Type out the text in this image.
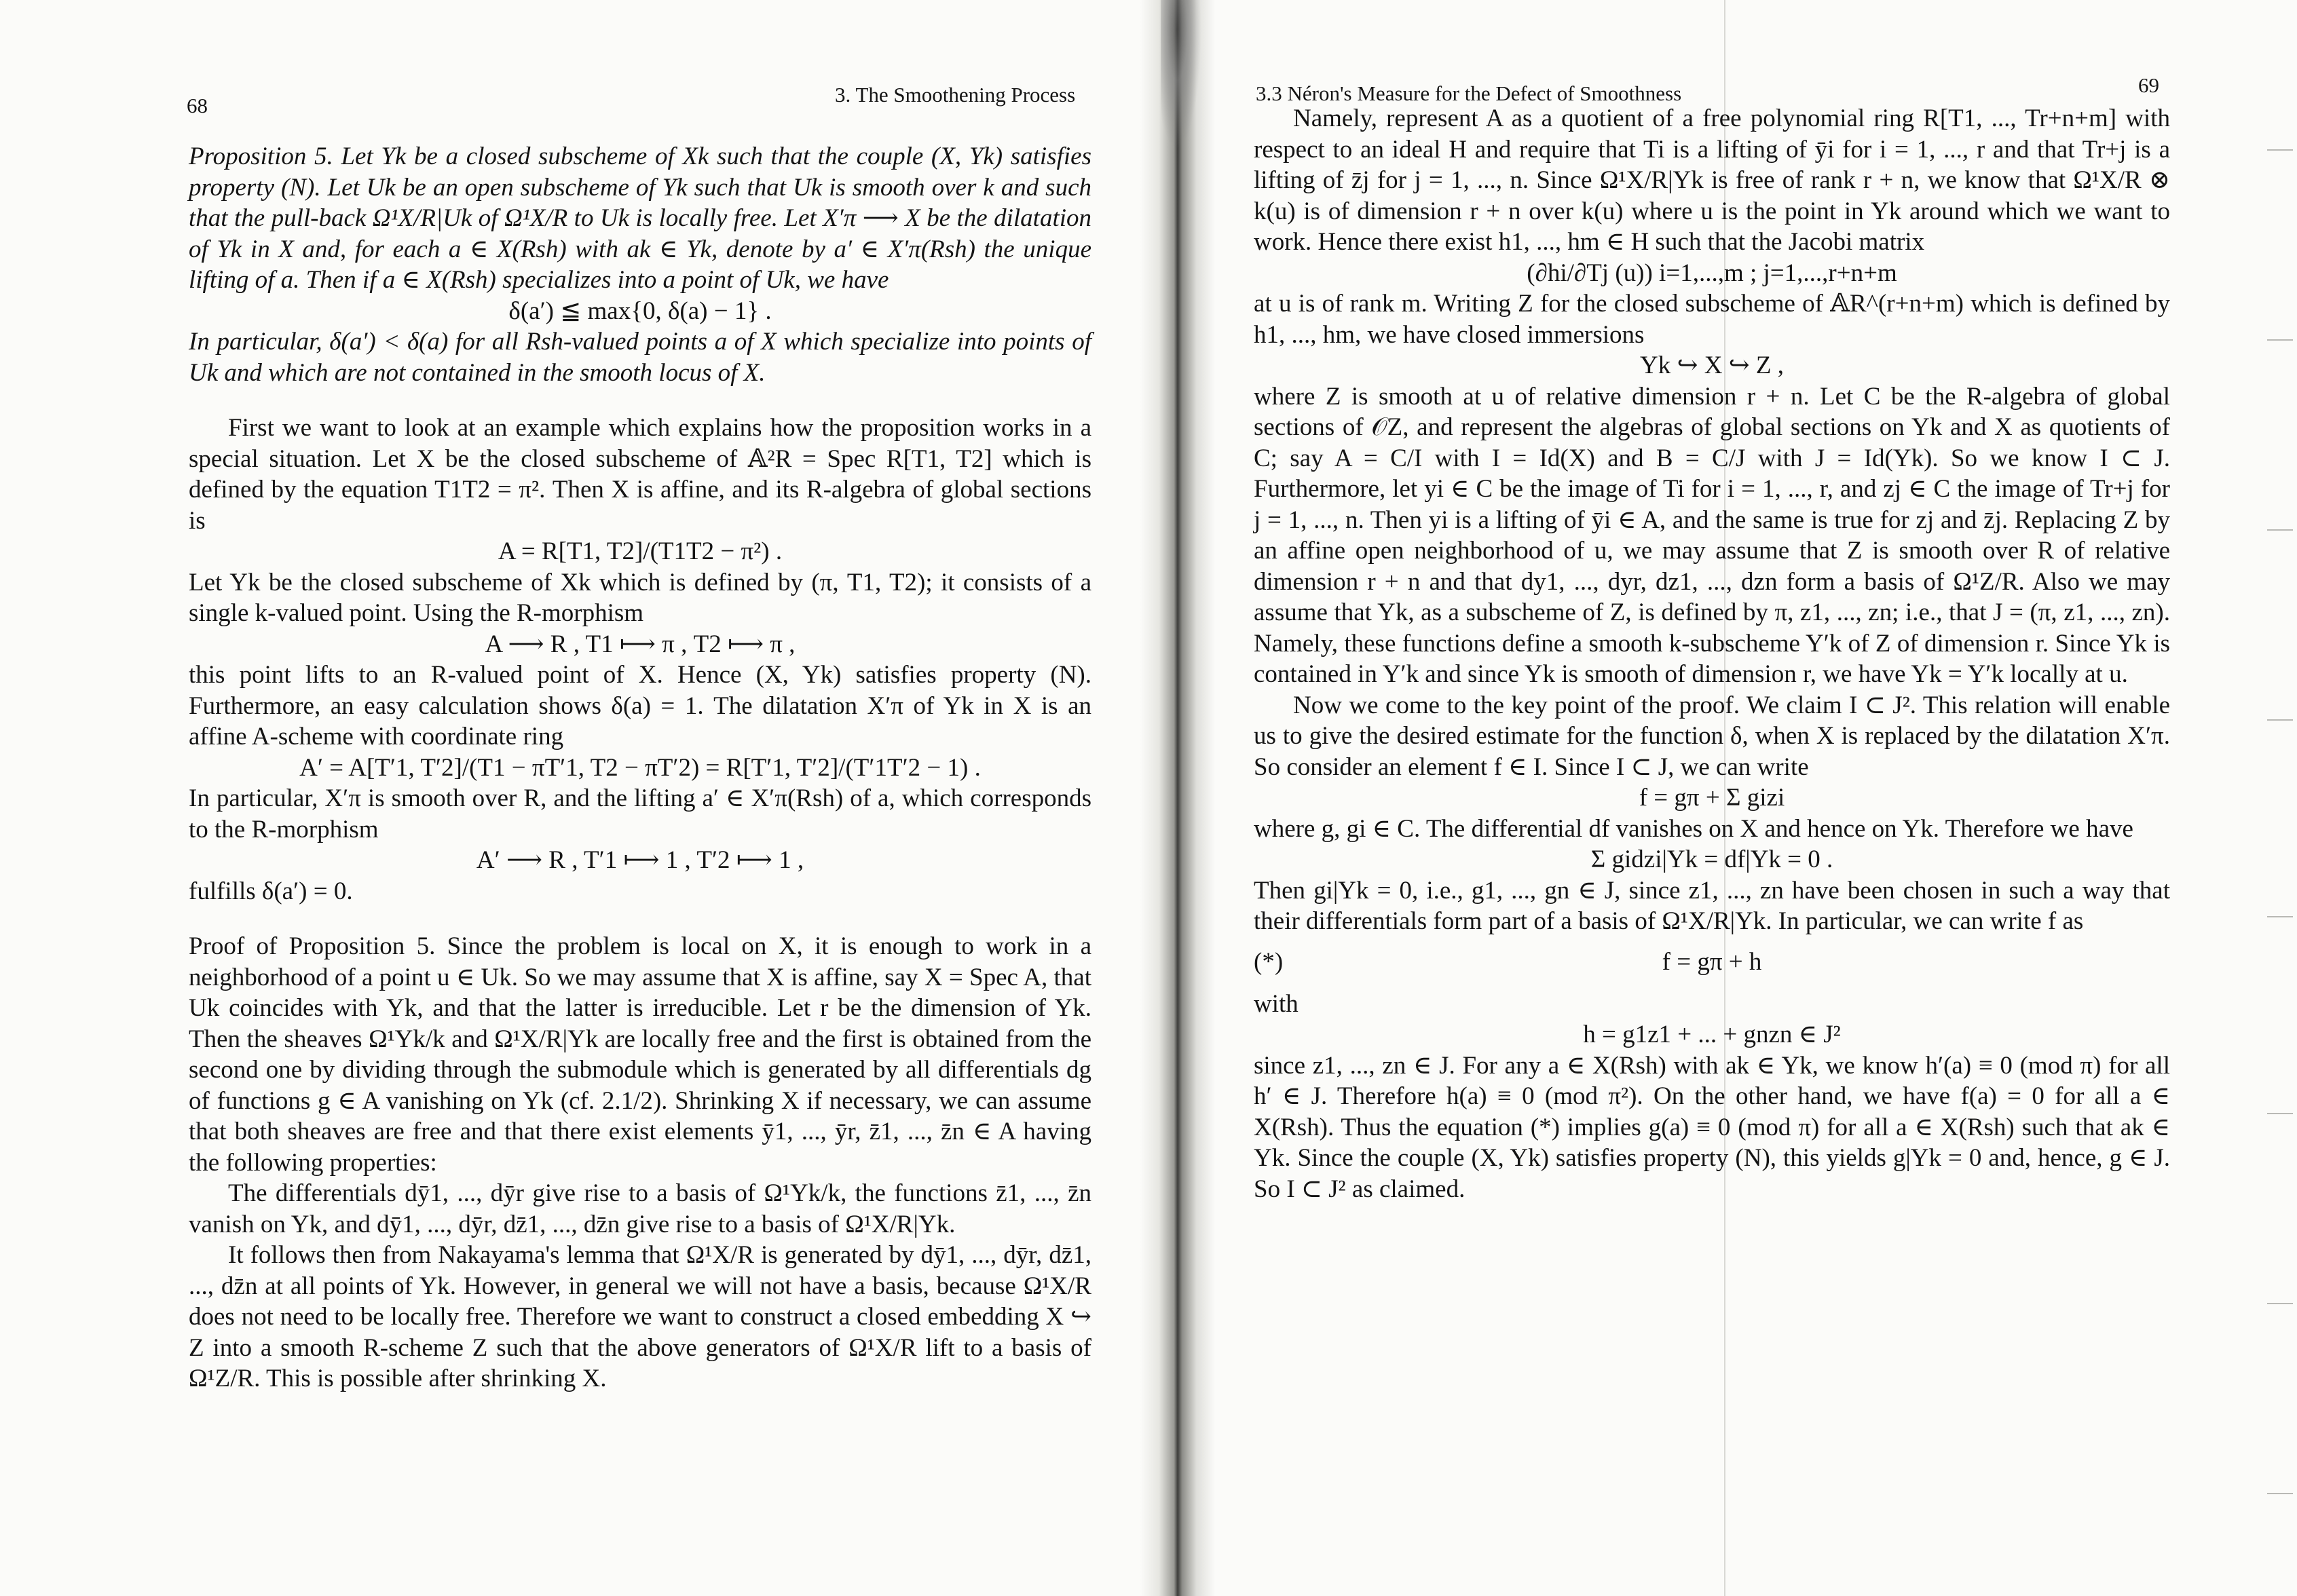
68	3. The Smoothening Process

Proposition 5. Let Yk be a closed subscheme of Xk such that the couple (X, Yk) satisfies property (N). Let Uk be an open subscheme of Yk such that Uk is smooth over k and such that the pull-back Ω¹X/R|Uk of Ω¹X/R to Uk is locally free. Let X′π ⟶ X be the dilatation of Yk in X and, for each a ∈ X(Rsh) with ak ∈ Yk, denote by a′ ∈ X′π(Rsh) the unique lifting of a. Then if a ∈ X(Rsh) specializes into a point of Uk, we have

δ(a′) ≦ max{0, δ(a) − 1} .

In particular, δ(a′) < δ(a) for all Rsh-valued points a of X which specialize into points of Uk and which are not contained in the smooth locus of X.

First we want to look at an example which explains how the proposition works in a special situation. Let X be the closed subscheme of 𝔸²R = Spec R[T1, T2] which is defined by the equation T1T2 = π². Then X is affine, and its R-algebra of global sections is

A = R[T1, T2]/(T1T2 − π²) .

Let Yk be the closed subscheme of Xk which is defined by (π, T1, T2); it consists of a single k-valued point. Using the R-morphism

A ⟶ R , T1 ⟼ π , T2 ⟼ π ,

this point lifts to an R-valued point of X. Hence (X, Yk) satisfies property (N). Furthermore, an easy calculation shows δ(a) = 1. The dilatation X′π of Yk in X is an affine A-scheme with coordinate ring

A′ = A[T′1, T′2]/(T1 − πT′1, T2 − πT′2) = R[T′1, T′2]/(T′1T′2 − 1) .

In particular, X′π is smooth over R, and the lifting a′ ∈ X′π(Rsh) of a, which corresponds to the R-morphism

A′ ⟶ R , T′1 ⟼ 1 , T′2 ⟼ 1 ,

fulfills δ(a′) = 0.

Proof of Proposition 5. Since the problem is local on X, it is enough to work in a neighborhood of a point u ∈ Uk. So we may assume that X is affine, say X = Spec A, that Uk coincides with Yk, and that the latter is irreducible. Let r be the dimension of Yk. Then the sheaves Ω¹Yk/k and Ω¹X/R|Yk are locally free and the first is obtained from the second one by dividing through the submodule which is generated by all differentials dg of functions g ∈ A vanishing on Yk (cf. 2.1/2). Shrinking X if necessary, we can assume that both sheaves are free and that there exist elements ȳ1, ..., ȳr, z̄1, ..., z̄n ∈ A having the following properties:

The differentials dȳ1, ..., dȳr give rise to a basis of Ω¹Yk/k, the functions z̄1, ..., z̄n vanish on Yk, and dȳ1, ..., dȳr, dz̄1, ..., dz̄n give rise to a basis of Ω¹X/R|Yk.

It follows then from Nakayama's lemma that Ω¹X/R is generated by dȳ1, ..., dȳr, dz̄1, ..., dz̄n at all points of Yk. However, in general we will not have a basis, because Ω¹X/R does not need to be locally free. Therefore we want to construct a closed embedding X ↪ Z into a smooth R-scheme Z such that the above generators of Ω¹X/R lift to a basis of Ω¹Z/R. This is possible after shrinking X.

3.3 Néron's Measure for the Defect of Smoothness	69

Namely, represent A as a quotient of a free polynomial ring R[T1, ..., Tr+n+m] with respect to an ideal H and require that Ti is a lifting of ȳi for i = 1, ..., r and that Tr+j is a lifting of z̄j for j = 1, ..., n. Since Ω¹X/R|Yk is free of rank r + n, we know that Ω¹X/R ⊗ k(u) is of dimension r + n over k(u) where u is the point in Yk around which we want to work. Hence there exist h1, ..., hm ∈ H such that the Jacobi matrix

(∂hi/∂Tj (u)) i=1,...,m ; j=1,...,r+n+m

at u is of rank m. Writing Z for the closed subscheme of 𝔸R^(r+n+m) which is defined by h1, ..., hm, we have closed immersions

Yk ↪ X ↪ Z ,

where Z is smooth at u of relative dimension r + n. Let C be the R-algebra of global sections of 𝒪Z, and represent the algebras of global sections on Yk and X as quotients of C; say A = C/I with I = Id(X) and B = C/J with J = Id(Yk). So we know I ⊂ J. Furthermore, let yi ∈ C be the image of Ti for i = 1, ..., r, and zj ∈ C the image of Tr+j for j = 1, ..., n. Then yi is a lifting of ȳi ∈ A, and the same is true for zj and z̄j. Replacing Z by an affine open neighborhood of u, we may assume that Z is smooth over R of relative dimension r + n and that dy1, ..., dyr, dz1, ..., dzn form a basis of Ω¹Z/R. Also we may assume that Yk, as a subscheme of Z, is defined by π, z1, ..., zn; i.e., that J = (π, z1, ..., zn). Namely, these functions define a smooth k-subscheme Y′k of Z of dimension r. Since Yk is contained in Y′k and since Yk is smooth of dimension r, we have Yk = Y′k locally at u.

Now we come to the key point of the proof. We claim I ⊂ J². This relation will enable us to give the desired estimate for the function δ, when X is replaced by the dilatation X′π. So consider an element f ∈ I. Since I ⊂ J, we can write

f = gπ + Σ gizi

where g, gi ∈ C. The differential df vanishes on X and hence on Yk. Therefore we have

Σ gidzi|Yk = df|Yk = 0 .

Then gi|Yk = 0, i.e., g1, ..., gn ∈ J, since z1, ..., zn have been chosen in such a way that their differentials form part of a basis of Ω¹X/R|Yk. In particular, we can write f as

(*)	f = gπ + h

with

h = g1z1 + ... + gnzn ∈ J²

since z1, ..., zn ∈ J. For any a ∈ X(Rsh) with ak ∈ Yk, we know h′(a) ≡ 0 (mod π) for all h′ ∈ J. Therefore h(a) ≡ 0 (mod π²). On the other hand, we have f(a) = 0 for all a ∈ X(Rsh). Thus the equation (*) implies g(a) ≡ 0 (mod π) for all a ∈ X(Rsh) such that ak ∈ Yk. Since the couple (X, Yk) satisfies property (N), this yields g|Yk = 0 and, hence, g ∈ J. So I ⊂ J² as claimed.
